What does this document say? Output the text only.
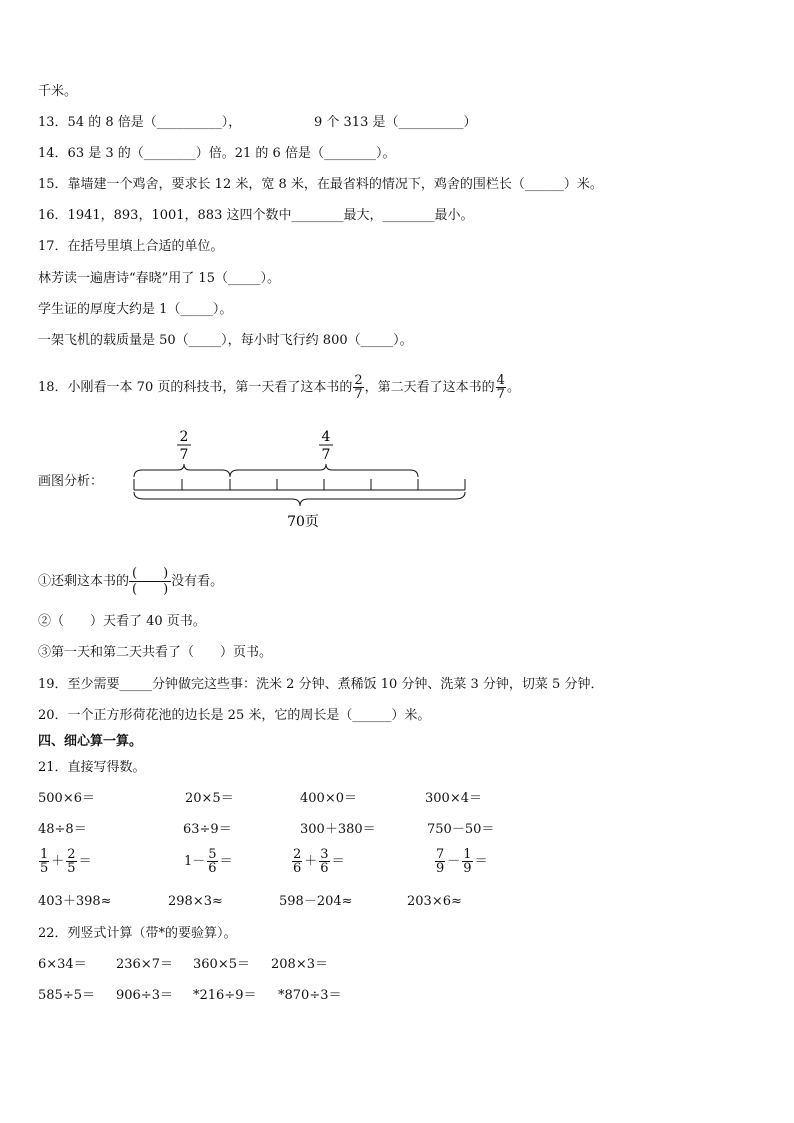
千米。
13．54 的 8 倍是（__________），	9 个 313 是（__________）
14．63 是 3 的（________）倍。21 的 6 倍是（________）。
15．靠墙建一个鸡舍，要求长 12 米，宽 8 米，在最省料的情况下，鸡舍的围栏长（______）米。
16．1941，893，1001，883 这四个数中________最大，________最小。
17．在括号里填上合适的单位。
林芳读一遍唐诗“春晓”用了 15（_____）。
学生证的厚度大约是 1（_____）。
一架飞机的载质量是 50（_____），每小时飞行约 800（_____）。
18．小刚看一本 70 页的科技书，第一天看了这本书的 $\frac{2}{7}$ ，第二天看了这本书的 $\frac{4}{7}$ 。
画图分析：
2
7
4
7
70页
①还剩这本书的 $\frac{( )}{( )}$ 没有看。
②（　　）天看了 40 页书。
③第一天和第二天共看了（　　）页书。
19．至少需要_____分钟做完这些事：洗米 2 分钟、煮稀饭 10 分钟、洗菜 3 分钟，切菜 5 分钟．
20．一个正方形荷花池的边长是 25 米，它的周长是（______）米。
四、细心算一算。
21．直接写得数。
500×6＝	20×5＝	400×0＝	300×4＝
48÷8＝	63÷9＝	300＋380＝	750－50＝
$\frac{1}{5} + \frac{2}{5}$ ＝	$1- \frac{5}{6}$ ＝	$\frac{2}{6} + \frac{3}{6}$ ＝	$\frac{7}{9} - \frac{1}{9}$ ＝
403＋398≈	298×3≈	598－204≈	203×6≈
22．列竖式计算（带*的要验算）。
6×34＝ 236×7＝ 360×5＝ 208×3＝
585÷5＝ 906÷3＝ *216÷9＝ *870÷3＝
